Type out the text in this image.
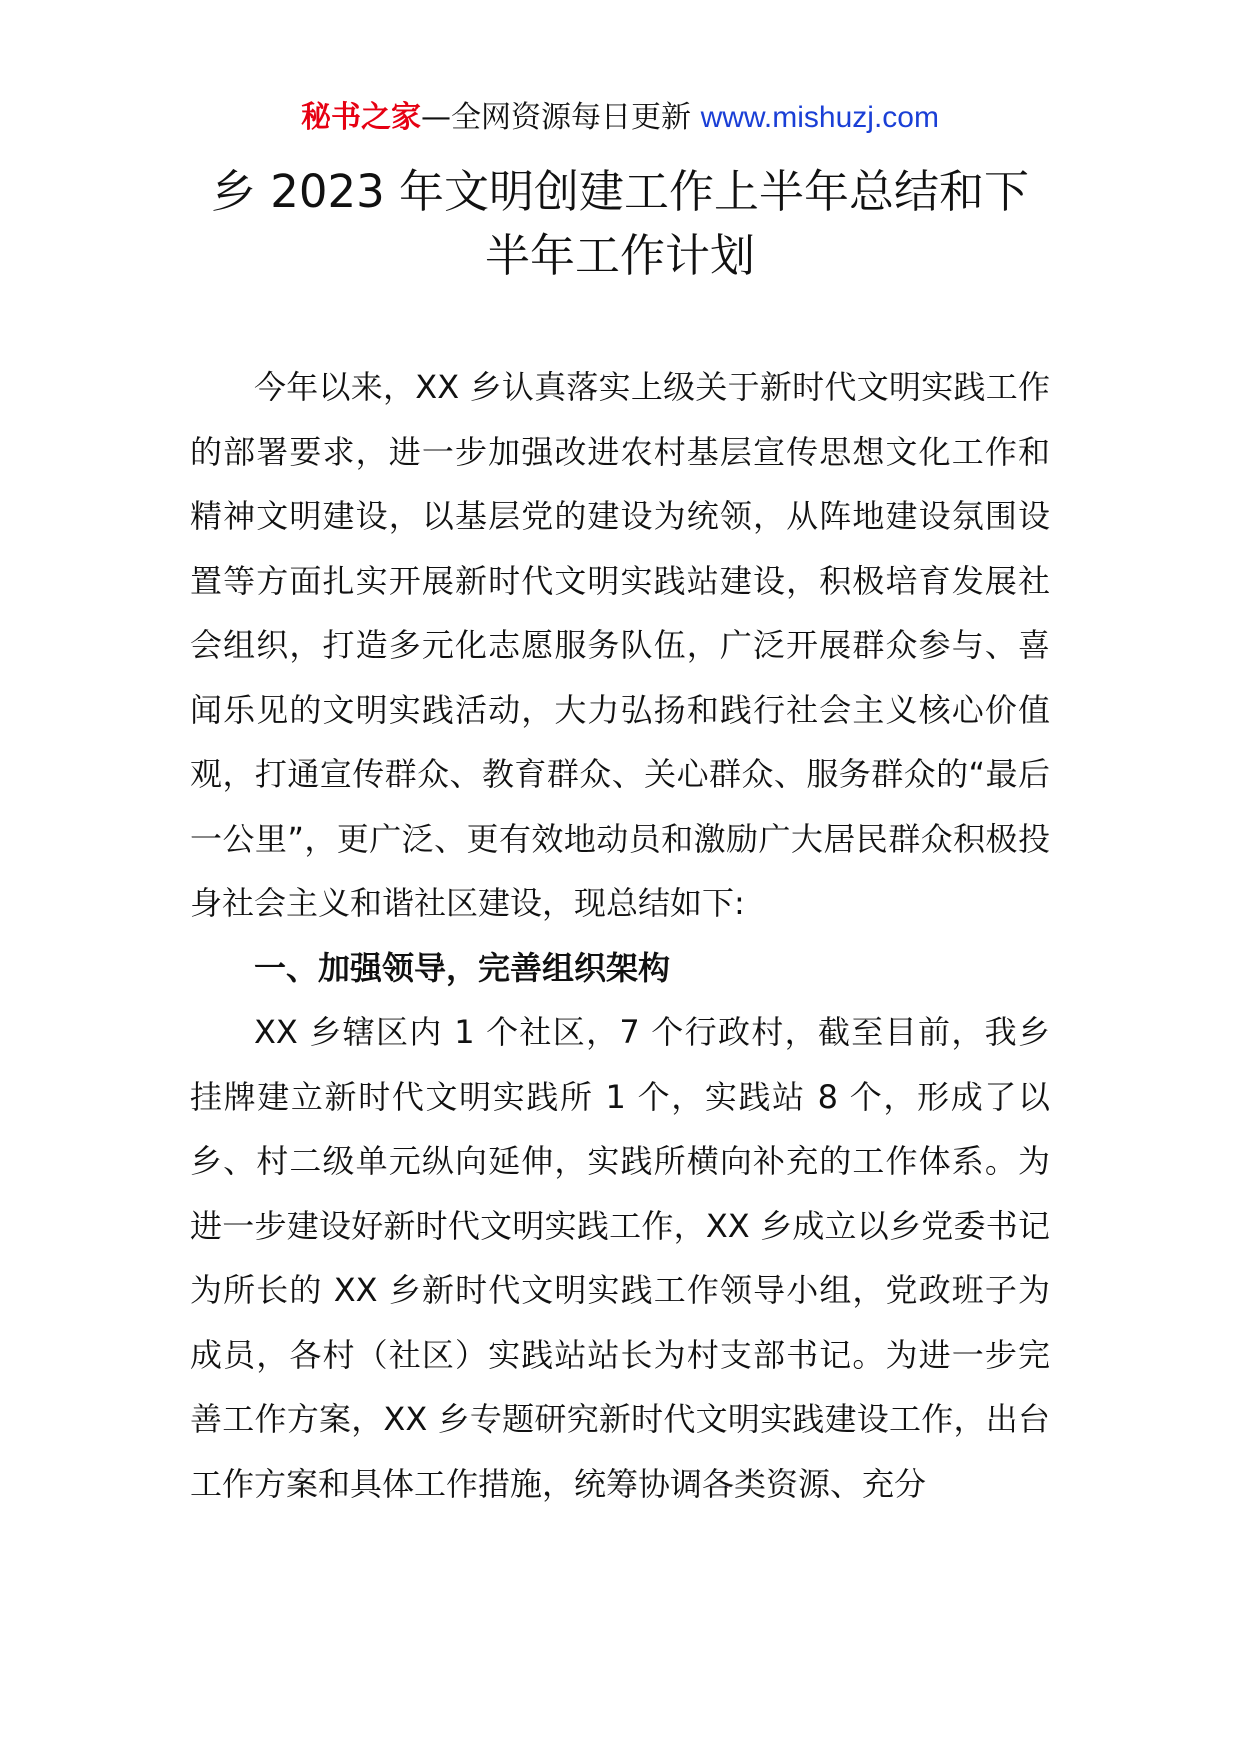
秘书之家—全网资源每日更新 www.mishuzj.com
乡 2023 年文明创建工作上半年总结和下半年工作计划

今年以来，XX 乡认真落实上级关于新时代文明实践工作的部署要求，进一步加强改进农村基层宣传思想文化工作和精神文明建设，以基层党的建设为统领，从阵地建设氛围设置等方面扎实开展新时代文明实践站建设，积极培育发展社会组织，打造多元化志愿服务队伍，广泛开展群众参与、喜闻乐见的文明实践活动，大力弘扬和践行社会主义核心价值观，打通宣传群众、教育群众、关心群众、服务群众的“最后一公里”，更广泛、更有效地动员和激励广大居民群众积极投身社会主义和谐社区建设，现总结如下:

一、加强领导，完善组织架构

XX 乡辖区内 1 个社区，7 个行政村，截至目前，我乡挂牌建立新时代文明实践所 1 个，实践站 8 个，形成了以乡、村二级单元纵向延伸，实践所横向补充的工作体系。为进一步建设好新时代文明实践工作，XX 乡成立以乡党委书记为所长的 XX 乡新时代文明实践工作领导小组，党政班子为成员，各村（社区）实践站站长为村支部书记。为进一步完善工作方案，XX 乡专题研究新时代文明实践建设工作，出台工作方案和具体工作措施，统筹协调各类资源、充分
